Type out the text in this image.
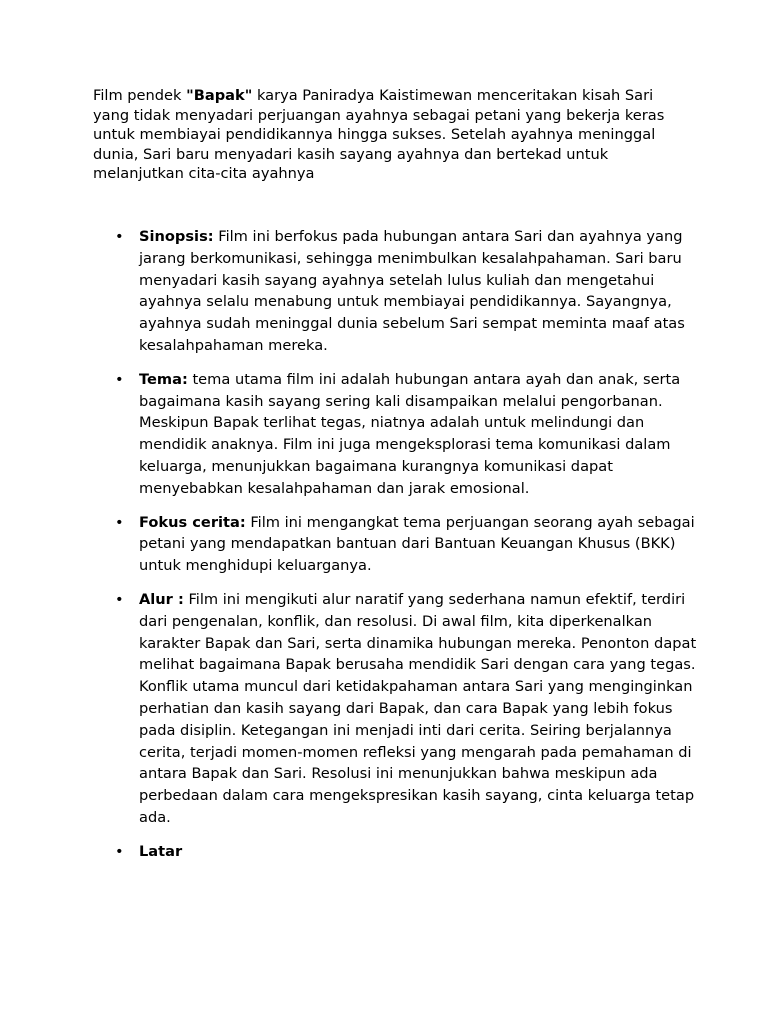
Film pendek "Bapak" karya Paniradya Kaistimewan menceritakan kisah Sari yang tidak menyadari perjuangan ayahnya sebagai petani yang bekerja keras untuk membiayai pendidikannya hingga sukses. Setelah ayahnya meninggal dunia, Sari baru menyadari kasih sayang ayahnya dan bertekad untuk melanjutkan cita-cita ayahnya

• Sinopsis: Film ini berfokus pada hubungan antara Sari dan ayahnya yang jarang berkomunikasi, sehingga menimbulkan kesalahpahaman. Sari baru menyadari kasih sayang ayahnya setelah lulus kuliah dan mengetahui ayahnya selalu menabung untuk membiayai pendidikannya. Sayangnya, ayahnya sudah meninggal dunia sebelum Sari sempat meminta maaf atas kesalahpahaman mereka.
• Tema: tema utama film ini adalah hubungan antara ayah dan anak, serta bagaimana kasih sayang sering kali disampaikan melalui pengorbanan. Meskipun Bapak terlihat tegas, niatnya adalah untuk melindungi dan mendidik anaknya. Film ini juga mengeksplorasi tema komunikasi dalam keluarga, menunjukkan bagaimana kurangnya komunikasi dapat menyebabkan kesalahpahaman dan jarak emosional.
• Fokus cerita: Film ini mengangkat tema perjuangan seorang ayah sebagai petani yang mendapatkan bantuan dari Bantuan Keuangan Khusus (BKK) untuk menghidupi keluarganya.
• Alur : Film ini mengikuti alur naratif yang sederhana namun efektif, terdiri dari pengenalan, konflik, dan resolusi. Di awal film, kita diperkenalkan karakter Bapak dan Sari, serta dinamika hubungan mereka. Penonton dapat melihat bagaimana Bapak berusaha mendidik Sari dengan cara yang tegas. Konflik utama muncul dari ketidakpahaman antara Sari yang menginginkan perhatian dan kasih sayang dari Bapak, dan cara Bapak yang lebih fokus pada disiplin. Ketegangan ini menjadi inti dari cerita. Seiring berjalannya cerita, terjadi momen-momen refleksi yang mengarah pada pemahaman di antara Bapak dan Sari. Resolusi ini menunjukkan bahwa meskipun ada perbedaan dalam cara mengekspresikan kasih sayang, cinta keluarga tetap ada.
• Latar
